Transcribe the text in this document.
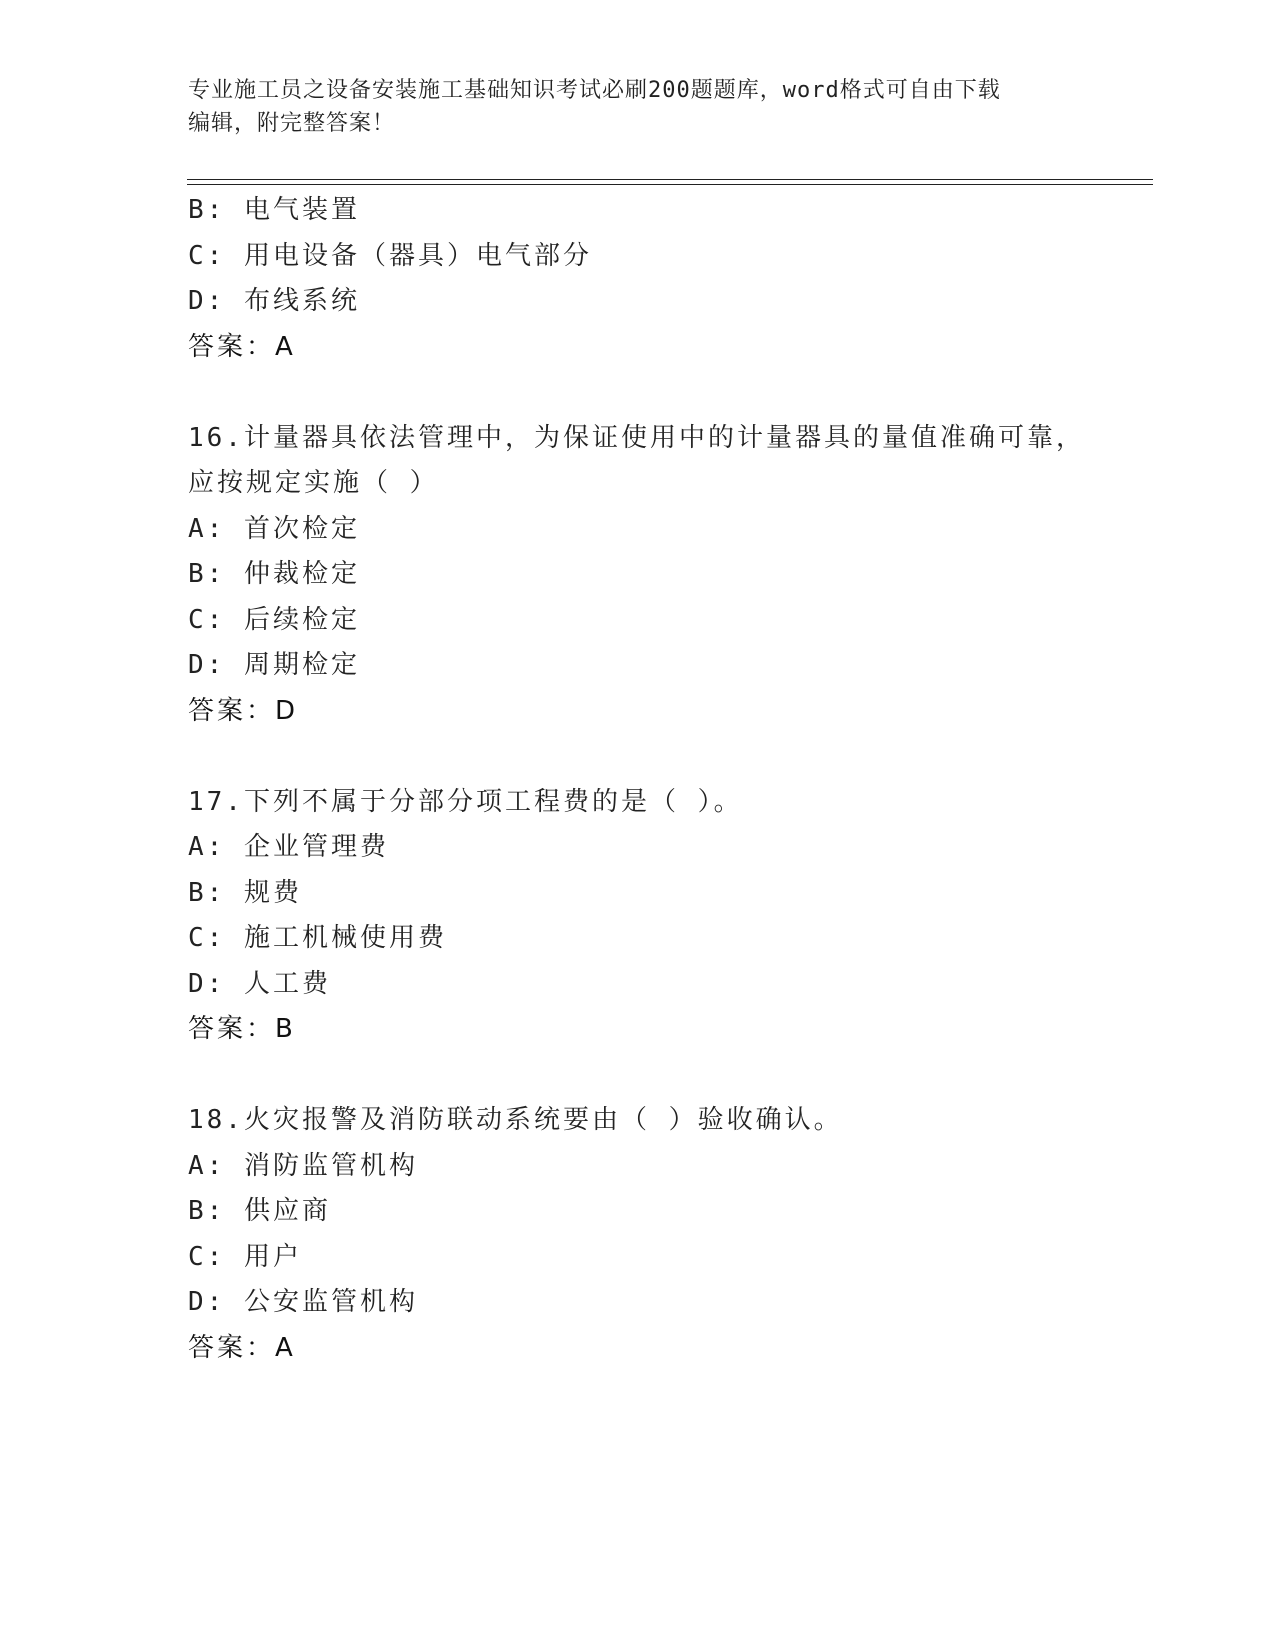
专业施工员之设备安装施工基础知识考试必刷200题题库，word格式可自由下载
编辑，附完整答案！
B: 电气装置
C: 用电设备（器具）电气部分
D: 布线系统
答案：A
16.计量器具依法管理中，为保证使用中的计量器具的量值准确可靠，
应按规定实施（ ）
A: 首次检定
B: 仲裁检定
C: 后续检定
D: 周期检定
答案：D
17.下列不属于分部分项工程费的是（ ）。
A: 企业管理费
B: 规费
C: 施工机械使用费
D: 人工费
答案：B
18.火灾报警及消防联动系统要由（ ）验收确认。
A: 消防监管机构
B: 供应商
C: 用户
D: 公安监管机构
答案：A
